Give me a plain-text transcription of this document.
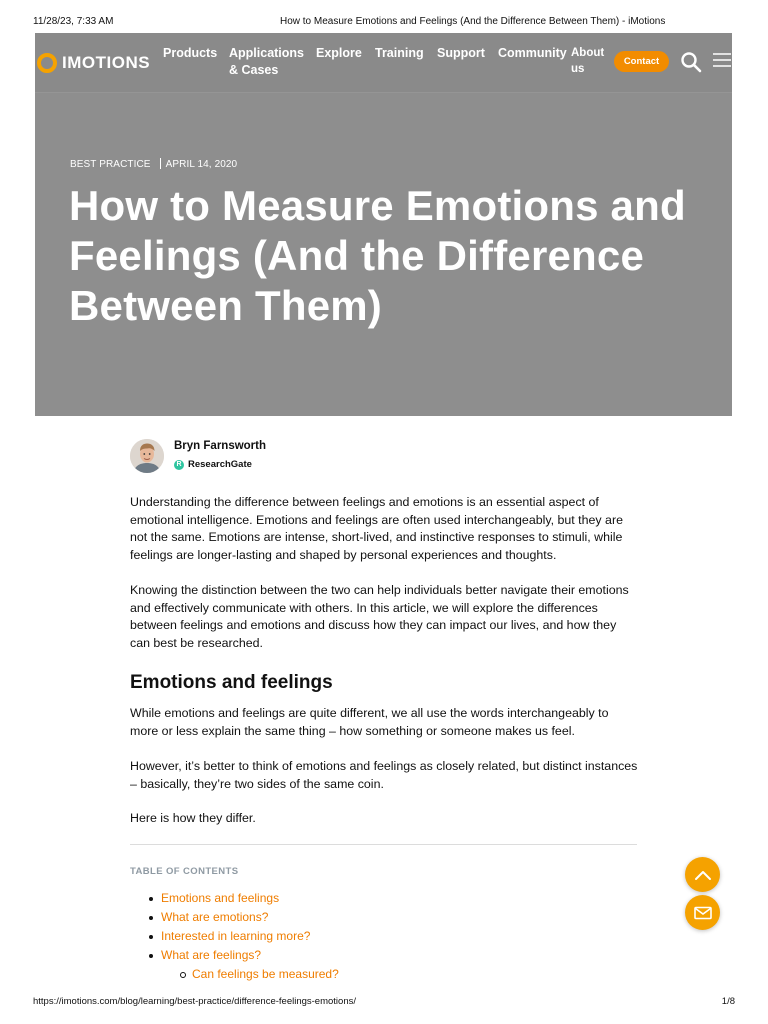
11/28/23, 7:33 AM	How to Measure Emotions and Feelings (And the Difference Between Them) - iMotions
IMOTIONS Products Applications
& Cases
Explore Training Support Community About
us
Contact
BEST PRACTICE APRIL 14, 2020
How to Measure Emotions and Feelings (And the Difference Between Them)
Bryn Farnsworth
R ResearchGate

Understanding the difference between feelings and emotions is an essential aspect of emotional intelligence. Emotions and feelings are often used interchangeably, but they are not the same. Emotions are intense, short-lived, and instinctive responses to stimuli, while feelings are longer-lasting and shaped by personal experiences and thoughts.

Knowing the distinction between the two can help individuals better navigate their emotions and effectively communicate with others. In this article, we will explore the differences between feelings and emotions and discuss how they can impact our lives, and how they can best be researched.

Emotions and feelings

While emotions and feelings are quite different, we all use the words interchangeably to more or less explain the same thing – how something or someone makes us feel.

However, it’s better to think of emotions and feelings as closely related, but distinct instances – basically, they’re two sides of the same coin.

Here is how they differ.

TABLE OF CONTENTS
Emotions and feelings
What are emotions?
Interested in learning more?
What are feelings?
Can feelings be measured?
https://imotions.com/blog/learning/best-practice/difference-feelings-emotions/	1/8
